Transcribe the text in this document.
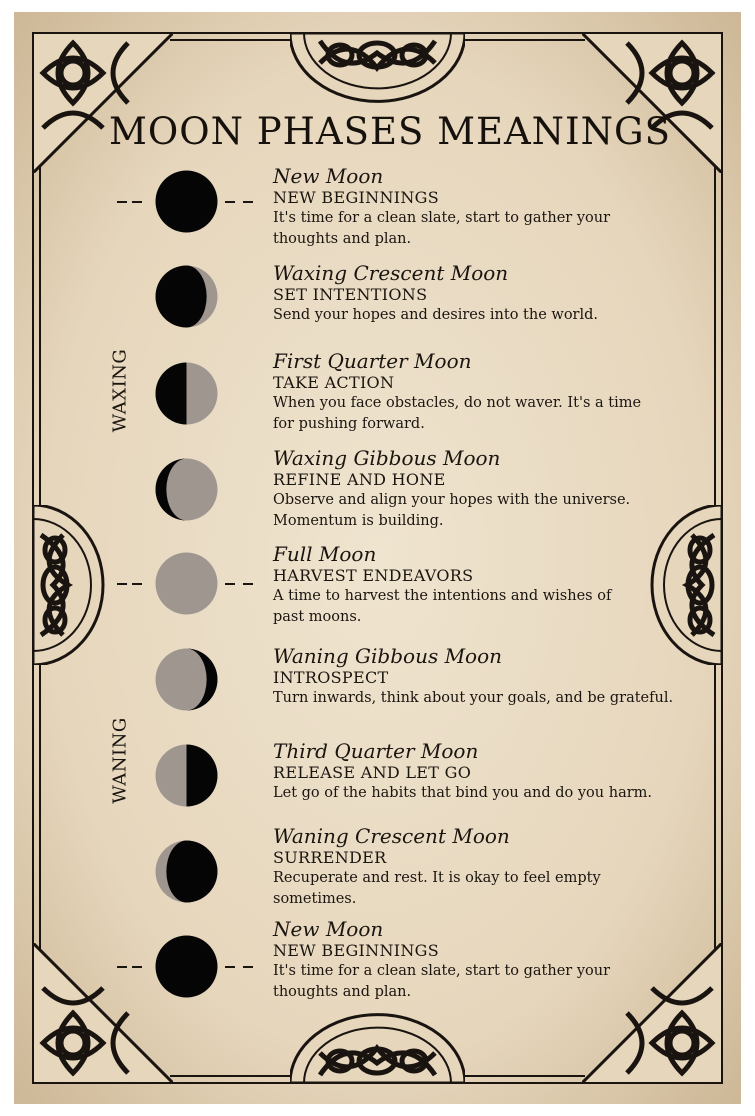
MOON PHASES MEANINGS
WAXING
WANING
New Moon
NEW BEGINNINGS
It's time for a clean slate, start to gather your
thoughts and plan.
Waxing Crescent Moon
SET INTENTIONS
Send your hopes and desires into the world.
First Quarter Moon
TAKE ACTION
When you face obstacles, do not waver. It's a time
for pushing forward.
Waxing Gibbous Moon
REFINE AND HONE
Observe and align your hopes with the universe.
Momentum is building.
Full Moon
HARVEST ENDEAVORS
A time to harvest the intentions and wishes of
past moons.
Waning Gibbous Moon
INTROSPECT
Turn inwards, think about your goals, and be grateful.
Third Quarter Moon
RELEASE AND LET GO
Let go of the habits that bind you and do you harm.
Waning Crescent Moon
SURRENDER
Recuperate and rest. It is okay to feel empty
sometimes.
New Moon
NEW BEGINNINGS
It's time for a clean slate, start to gather your
thoughts and plan.
